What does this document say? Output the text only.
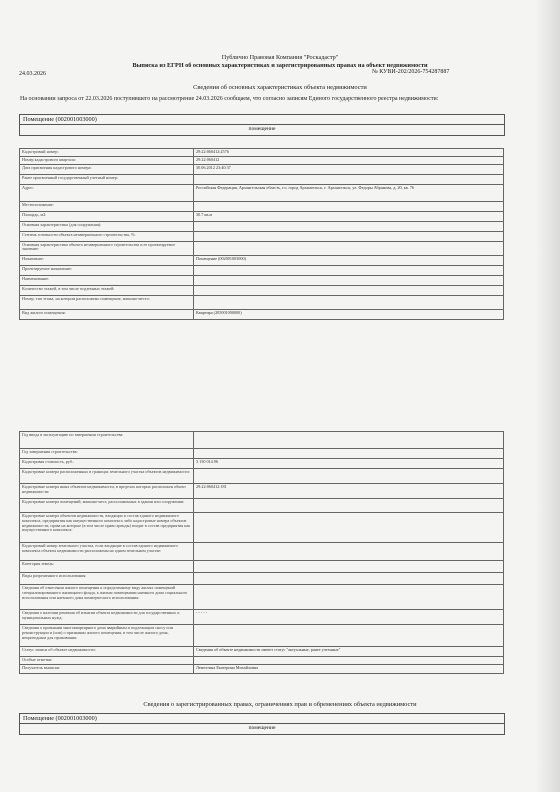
Публично Правовая Компания "Роскадастр"
Выписка из ЕГРН об основных характеристиках и зарегистрированных правах на объект недвижимости
24.03.2026	№ КУВИ-202/2026-754287887
Сведения об основных характеристиках объекта недвижимости
На основании запроса от 22.03.2026 поступившего на рассмотрение 24.03.2026 сообщаем, что согласно записям Единого государственного реестра недвижимости:
Помещение (002001003000)
помещение
Кадастровый номер:	29:22:060412:2576
Номер кадастрового квартала:	29:22:060412
Дата присвоения кадастрового номера:	30.06.2012 23:40:37
Ранее присвоенный государственный учетный номер:	
Адрес:	Российская Федерация, Архангельская область, г.о. город Архангельск, г. Архангельск, ул. Федоры Абрамова, д. 20, кв. 76
Местоположение:	
Площадь, м2:	30.7 кв.м
Основная характеристика (для сооружения):	
Степень готовности объекта незавершенного строительства, %:	
Основная характеристика объекта незавершенного строительства и ее проектируемое значение:	
Назначение:	Помещение (002001003000)
Проектируемое назначение:	
Наименование:	
Количество этажей, в том числе подземных этажей:	
Номер, тип этажа, на котором расположено помещение, машино-место:	
Вид жилого помещения:	Квартира (205001000000)
Год ввода в эксплуатацию по завершении строительства:	
Год завершения строительства:	
Кадастровая стоимость, руб.:	3 150 014.96
Кадастровые номера расположенных в границах земельного участка объектов недвижимости:	
Кадастровые номера иных объектов недвижимости, в пределах которых расположен объект недвижимости:	29:22:060412:181
Кадастровые номера помещений, машино-мест, расположенных в здании или сооружении:	
Кадастровые номера объектов недвижимости, входящих в состав единого недвижимого комплекса, предприятия как имущественного комплекса либо кадастровые номера объектов недвижимости, права на которые (в том числе право аренды) входят в состав предприятия как имущественного комплекса:	
Кадастровый номер земельного участка, если входящие в состав единого недвижимого комплекса объекты недвижимости расположены на одном земельном участке:	
Категория земель:	
Виды разрешенного использования:	
Сведения об отнесении жилого помещения к определенному виду жилых помещений специализированного жилищного фонда, к жилым помещениям наемного дома социального использования или наемного дома коммерческого использования:	
Сведения о наличии решения об изъятии объекта недвижимости для государственных и муниципальных нужд:	- - - - -
Сведения о признании многоквартирного дома аварийным и подлежащим сносу или реконструкции и (или) о признании жилого помещения, в том числе жилого дома, непригодным для проживания:	
Статус записи об объекте недвижимости:	Сведения об объекте недвижимости имеют статус "актуальные, ранее учтенные"
Особые отметки:	
Получатель выписки:	Лемехтина Екатерина Михайловна
Сведения о зарегистрированных правах, ограничениях прав и обременениях объекта недвижимости
Помещение (002001003000)
помещение
